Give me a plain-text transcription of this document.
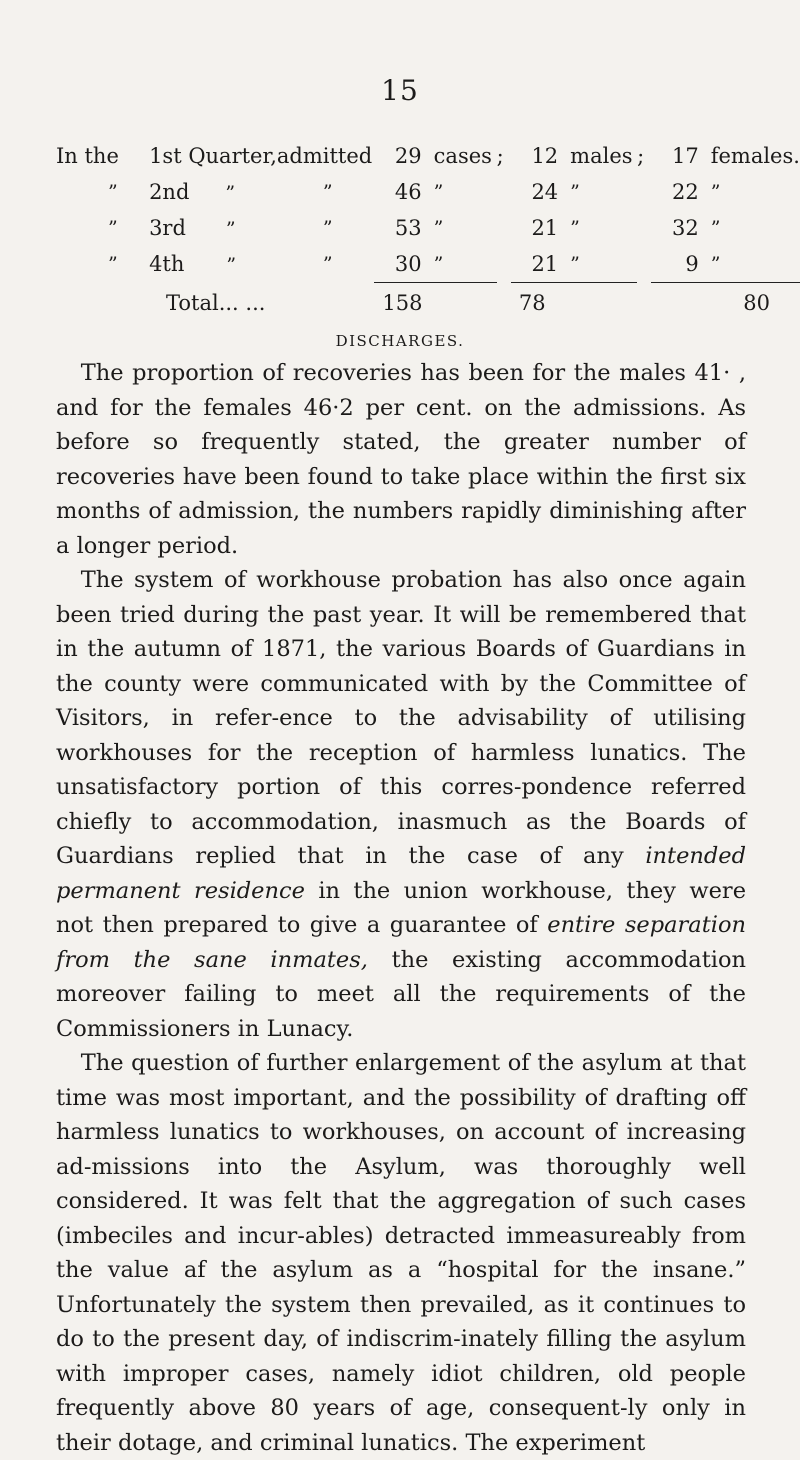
15
In the	1st Quarter,	admitted	29	cases	;	12	males	;	17	females.
”	2nd ”	”	46	”		24	”		22	”
”	3rd ”	”	53	”		21	”		32	”
”	4th ”	”	30	”		21	”		9	”
Total... ...			158			78			80	
DISCHARGES.

The proportion of recoveries has been for the males 41· , and for the females 46·2 per cent. on the admissions. As before so frequently stated, the greater number of recoveries have been found to take place within the first six months of admission, the numbers rapidly diminishing after a longer period.

The system of workhouse probation has also once again been tried during the past year. It will be remembered that in the autumn of 1871, the various Boards of Guardians in the county were communicated with by the Committee of Visitors, in refer-ence to the advisability of utilising workhouses for the reception of harmless lunatics. The unsatisfactory portion of this corres-pondence referred chiefly to accommodation, inasmuch as the Boards of Guardians replied that in the case of any intended permanent residence in the union workhouse, they were not then prepared to give a guarantee of entire separation from the sane inmates, the existing accommodation moreover failing to meet all the requirements of the Commissioners in Lunacy.

The question of further enlargement of the asylum at that time was most important, and the possibility of drafting off harmless lunatics to workhouses, on account of increasing ad-missions into the Asylum, was thoroughly well considered. It was felt that the aggregation of such cases (imbeciles and incur-ables) detracted immeasureably from the value af the asylum as a “hospital for the insane.” Unfortunately the system then prevailed, as it continues to do to the present day, of indiscrim-inately filling the asylum with improper cases, namely idiot children, old people frequently above 80 years of age, consequent-ly only in their dotage, and criminal lunatics. The experiment
